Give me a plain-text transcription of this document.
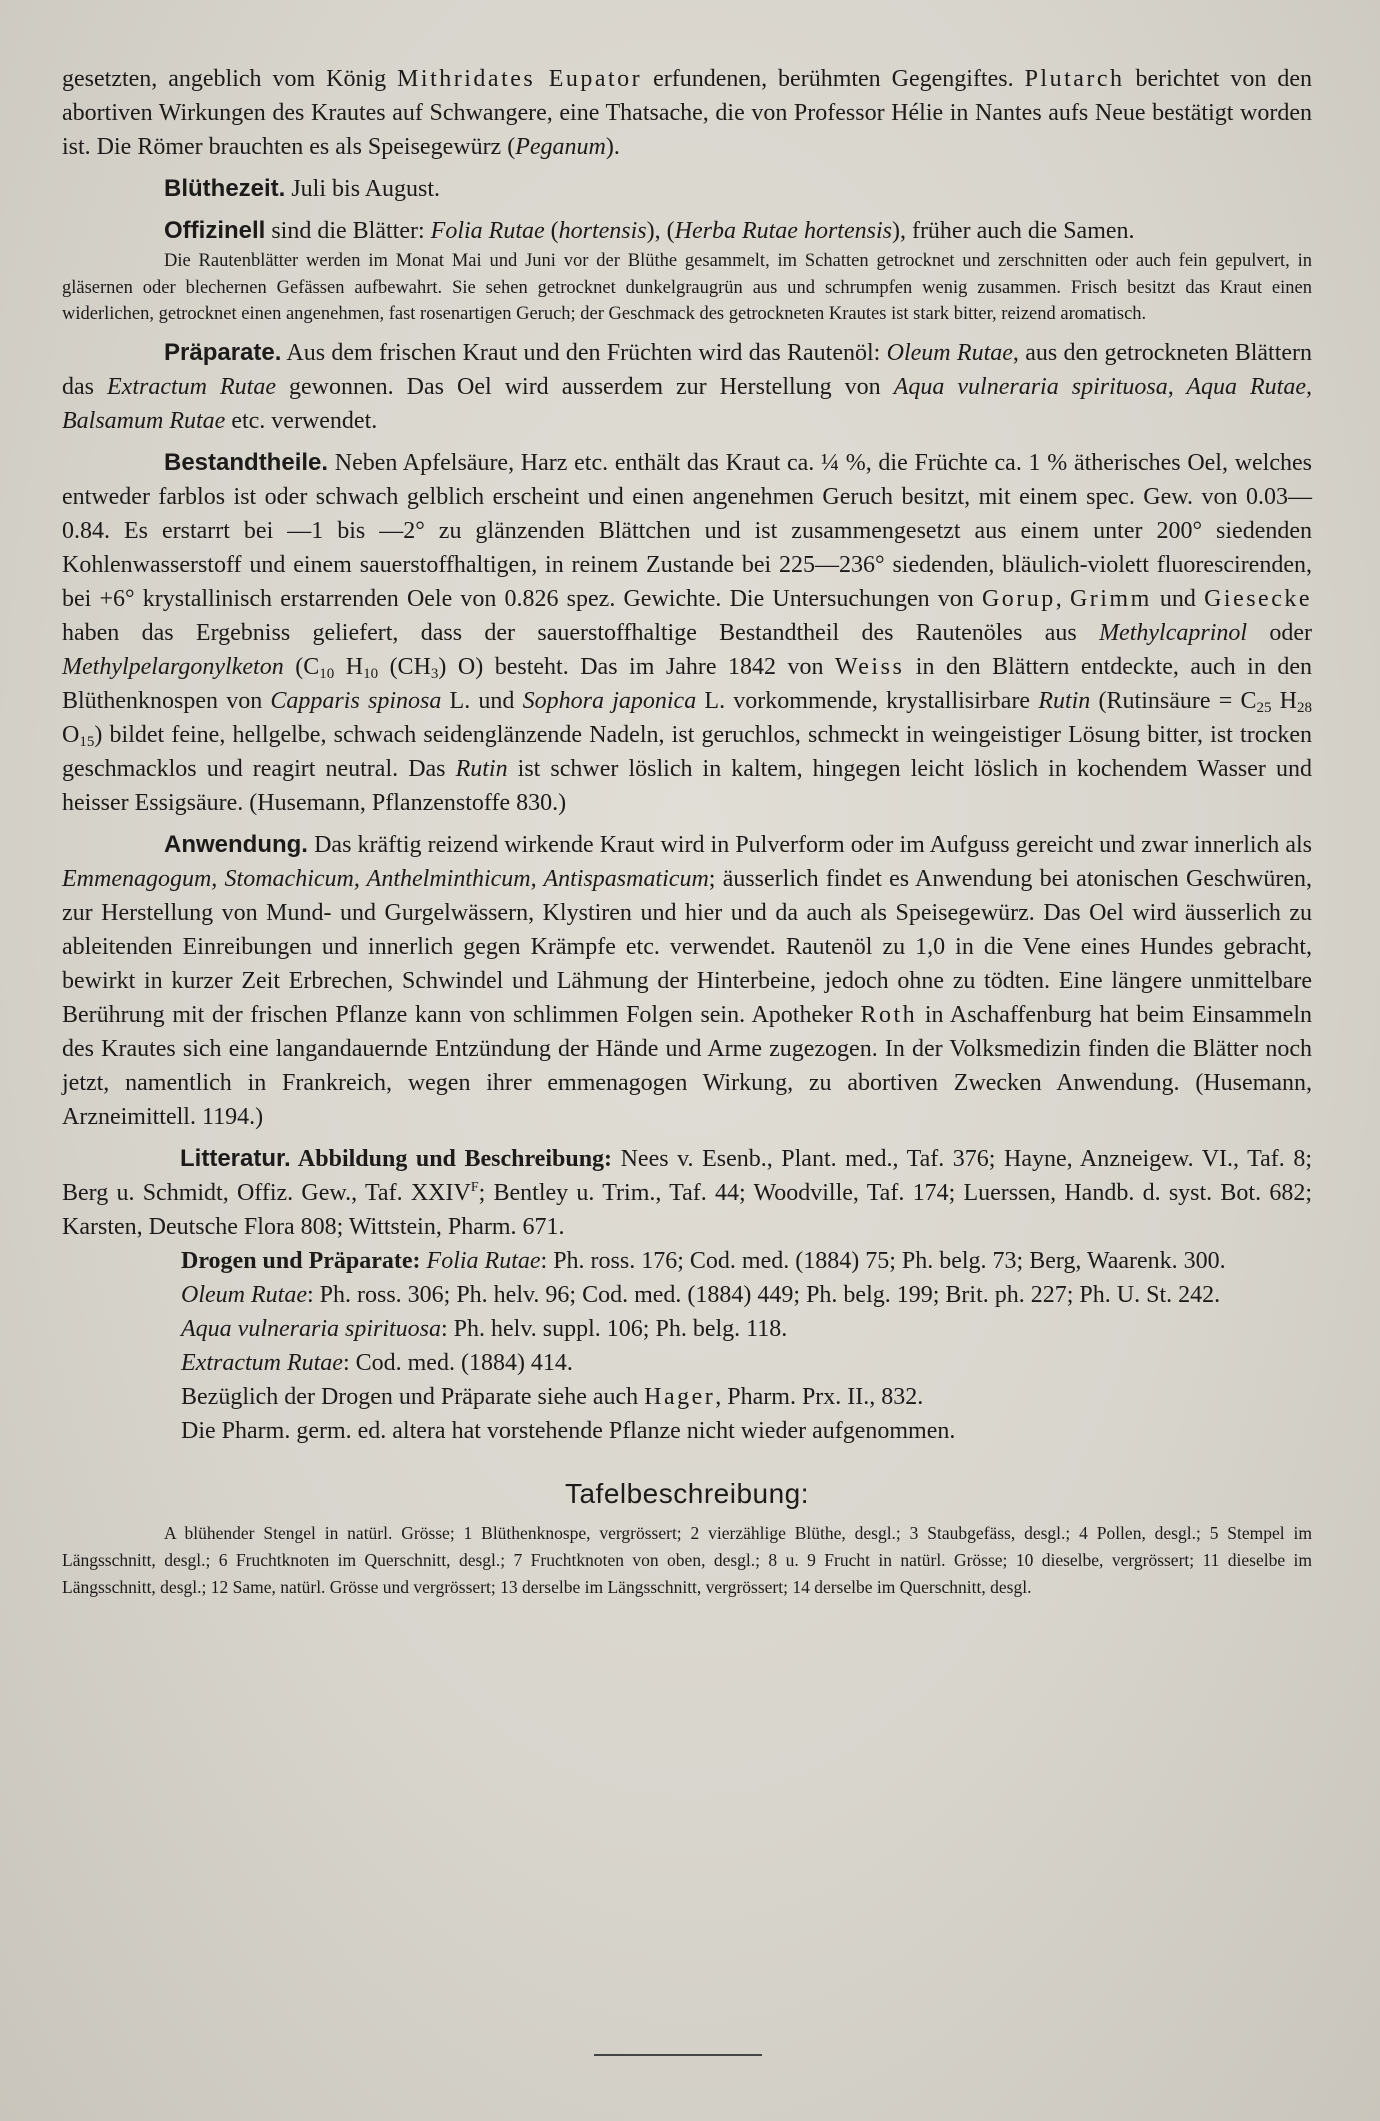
gesetzten, angeblich vom König Mithridates Eupator erfundenen, berühmten Gegengiftes. Plutarch berichtet von den abortiven Wirkungen des Krautes auf Schwangere, eine Thatsache, die von Professor Hélie in Nantes aufs Neue bestätigt worden ist. Die Römer brauchten es als Speisegewürz (Peganum).

Blüthezeit. Juli bis August.

Offizinell sind die Blätter: Folia Rutae (hortensis), (Herba Rutae hortensis), früher auch die Samen.

Die Rautenblätter werden im Monat Mai und Juni vor der Blüthe gesammelt, im Schatten getrocknet und zerschnitten oder auch fein gepulvert, in gläsernen oder blechernen Gefässen aufbewahrt. Sie sehen getrocknet dunkelgraugrün aus und schrumpfen wenig zusammen. Frisch besitzt das Kraut einen widerlichen, getrocknet einen angenehmen, fast rosenartigen Geruch; der Geschmack des getrockneten Krautes ist stark bitter, reizend aromatisch.

Präparate. Aus dem frischen Kraut und den Früchten wird das Rautenöl: Oleum Rutae, aus den getrockneten Blättern das Extractum Rutae gewonnen. Das Oel wird ausserdem zur Herstellung von Aqua vulneraria spirituosa, Aqua Rutae, Balsamum Rutae etc. verwendet.

Bestandtheile. Neben Apfelsäure, Harz etc. enthält das Kraut ca. ¼ %, die Früchte ca. 1 % ätherisches Oel, welches entweder farblos ist oder schwach gelblich erscheint und einen angenehmen Geruch besitzt, mit einem spec. Gew. von 0.03—0.84. Es erstarrt bei —1 bis —2° zu glänzenden Blättchen und ist zusammengesetzt aus einem unter 200° siedenden Kohlenwasserstoff und einem sauerstoffhaltigen, in reinem Zustande bei 225—236° siedenden, bläulich-violett fluorescirenden, bei +6° krystallinisch erstarrenden Oele von 0.826 spez. Gewichte. Die Untersuchungen von Gorup, Grimm und Giesecke haben das Ergebniss geliefert, dass der sauerstoffhaltige Bestandtheil des Rautenöles aus Methylcaprinol oder Methylpelargonylketon ($C_{10}$ $H_{10}$ $(CH_3)$ O) besteht. Das im Jahre 1842 von Weiss in den Blättern entdeckte, auch in den Blüthenknospen von Capparis spinosa L. und Sophora japonica L. vorkommende, krystallisirbare Rutin (Rutinsäure = $C_{25}$ $H_{28}$ $O_{15}$) bildet feine, hellgelbe, schwach seidenglänzende Nadeln, ist geruchlos, schmeckt in weingeistiger Lösung bitter, ist trocken geschmacklos und reagirt neutral. Das Rutin ist schwer löslich in kaltem, hingegen leicht löslich in kochendem Wasser und heisser Essigsäure. (Husemann, Pflanzenstoffe 830.)

Anwendung. Das kräftig reizend wirkende Kraut wird in Pulverform oder im Aufguss gereicht und zwar innerlich als Emmenagogum, Stomachicum, Anthelminthicum, Antispasmaticum; äusserlich findet es Anwendung bei atonischen Geschwüren, zur Herstellung von Mund- und Gurgelwässern, Klystiren und hier und da auch als Speisegewürz. Das Oel wird äusserlich zu ableitenden Einreibungen und innerlich gegen Krämpfe etc. verwendet. Rautenöl zu 1,0 in die Vene eines Hundes gebracht, bewirkt in kurzer Zeit Erbrechen, Schwindel und Lähmung der Hinterbeine, jedoch ohne zu tödten. Eine längere unmittelbare Berührung mit der frischen Pflanze kann von schlimmen Folgen sein. Apotheker Roth in Aschaffenburg hat beim Einsammeln des Krautes sich eine langandauernde Entzündung der Hände und Arme zugezogen. In der Volksmedizin finden die Blätter noch jetzt, namentlich in Frankreich, wegen ihrer emmenagogen Wirkung, zu abortiven Zwecken Anwendung. (Husemann, Arzneimittell. 1194.)

Litteratur. Abbildung und Beschreibung: Nees v. Esenb., Plant. med., Taf. 376; Hayne, Anzneigew. VI., Taf. 8; Berg u. Schmidt, Offiz. Gew., Taf. $XXIV^F$; Bentley u. Trim., Taf. 44; Woodville, Taf. 174; Luerssen, Handb. d. syst. Bot. 682; Karsten, Deutsche Flora 808; Wittstein, Pharm. 671.

Drogen und Präparate: Folia Rutae: Ph. ross. 176; Cod. med. (1884) 75; Ph. belg. 73; Berg, Waarenk. 300.

Oleum Rutae: Ph. ross. 306; Ph. helv. 96; Cod. med. (1884) 449; Ph. belg. 199; Brit. ph. 227; Ph. U. St. 242.

Aqua vulneraria spirituosa: Ph. helv. suppl. 106; Ph. belg. 118.

Extractum Rutae: Cod. med. (1884) 414.

Bezüglich der Drogen und Präparate siehe auch Hager, Pharm. Prx. II., 832.

Die Pharm. germ. ed. altera hat vorstehende Pflanze nicht wieder aufgenommen.

Tafelbeschreibung:

A blühender Stengel in natürl. Grösse; 1 Blüthenknospe, vergrössert; 2 vierzählige Blüthe, desgl.; 3 Staubgefäss, desgl.; 4 Pollen, desgl.; 5 Stempel im Längsschnitt, desgl.; 6 Fruchtknoten im Querschnitt, desgl.; 7 Fruchtknoten von oben, desgl.; 8 u. 9 Frucht in natürl. Grösse; 10 dieselbe, vergrössert; 11 dieselbe im Längsschnitt, desgl.; 12 Same, natürl. Grösse und vergrössert; 13 derselbe im Längsschnitt, vergrössert; 14 derselbe im Querschnitt, desgl.
